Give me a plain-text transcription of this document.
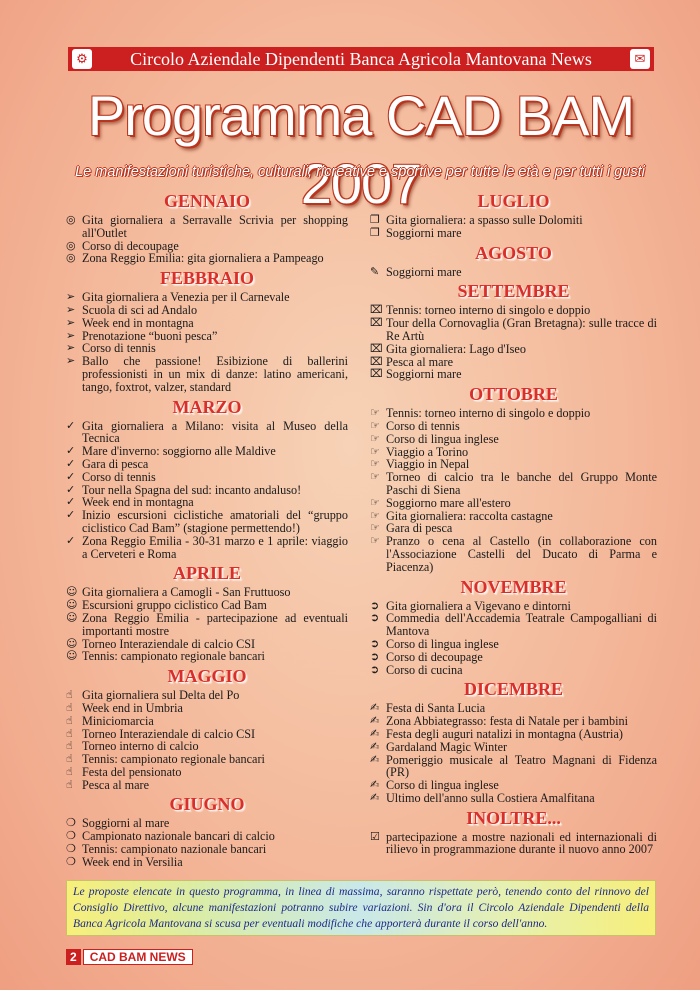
⚙ Circolo Aziendale Dipendenti Banca Agricola Mantovana News	✉
Programma CAD BAM 2007
Le manifestazioni turistiche, culturali, ricreative e sportive per tutte le età e per tutti i gusti
GENNAIO
◎ Gita giornaliera a Serravalle Scrivia per shopping all'Outlet
◎ Corso di decoupage
◎ Zona Reggio Emilia: gita giornaliera a Pampeago
FEBBRAIO
➢ Gita giornaliera a Venezia per il Carnevale
➢ Scuola di sci ad Andalo
➢ Week end in montagna
➢ Prenotazione “buoni pesca”
➢ Corso di tennis
➢ Ballo che passione! Esibizione di ballerini professionisti in un mix di danze: latino americani, tango, foxtrot, valzer, standard
MARZO
✓ Gita giornaliera a Milano: visita al Museo della Tecnica
✓ Mare d'inverno: soggiorno alle Maldive
✓ Gara di pesca
✓ Corso di tennis
✓ Tour nella Spagna del sud: incanto andaluso!
✓ Week end in montagna
✓ Inizio escursioni ciclistiche amatoriali del “gruppo ciclistico Cad Bam” (stagione permettendo!)
✓ Zona Reggio Emilia - 30-31 marzo e 1 aprile: viaggio a Cerveteri e Roma
APRILE
☺ Gita giornaliera a Camogli - San Fruttuoso
☺ Escursioni gruppo ciclistico Cad Bam
☺ Zona Reggio Emilia - partecipazione ad eventuali importanti mostre
☺ Torneo Interaziendale di calcio CSI
☺ Tennis: campionato regionale bancari
MAGGIO
☝ Gita giornaliera sul Delta del Po
☝ Week end in Umbria
☝ Miniciomarcia
☝ Torneo Interaziendale di calcio CSI
☝ Torneo interno di calcio
☝ Tennis: campionato regionale bancari
☝ Festa del pensionato
☝ Pesca al mare
GIUGNO
❍ Soggiorni al mare
❍ Campionato nazionale bancari di calcio
❍ Tennis: campionato nazionale bancari
❍ Week end in Versilia
LUGLIO
❐ Gita giornaliera: a spasso sulle Dolomiti
❐ Soggiorni mare
AGOSTO
✎ Soggiorni mare
SETTEMBRE
⌧ Tennis: torneo interno di singolo e doppio
⌧ Tour della Cornovaglia (Gran Bretagna): sulle tracce di Re Artù
⌧ Gita giornaliera: Lago d'Iseo
⌧ Pesca al mare
⌧ Soggiorni mare
OTTOBRE
☞ Tennis: torneo interno di singolo e doppio
☞ Corso di tennis
☞ Corso di lingua inglese
☞ Viaggio a Torino
☞ Viaggio in Nepal
☞ Torneo di calcio tra le banche del Gruppo Monte Paschi di Siena
☞ Soggiorno mare all'estero
☞ Gita giornaliera: raccolta castagne
☞ Gara di pesca
☞ Pranzo o cena al Castello (in collaborazione con l'Associazione Castelli del Ducato di Parma e Piacenza)
NOVEMBRE
➲ Gita giornaliera a Vigevano e dintorni
➲ Commedia dell'Accademia Teatrale Campogalliani di Mantova
➲ Corso di lingua inglese
➲ Corso di decoupage
➲ Corso di cucina
DICEMBRE
✍ Festa di Santa Lucia
✍ Zona Abbiategrasso: festa di Natale per i bambini
✍ Festa degli auguri natalizi in montagna (Austria)
✍ Gardaland Magic Winter
✍ Pomeriggio musicale al Teatro Magnani di Fidenza (PR)
✍ Corso di lingua inglese
✍ Ultimo dell'anno sulla Costiera Amalfitana
INOLTRE...
☑ partecipazione a mostre nazionali ed internazionali di rilievo in programmazione durante il nuovo anno 2007
Le proposte elencate in questo programma, in linea di massima, saranno rispettate però, tenendo conto del rinnovo del Consiglio Direttivo, alcune manifestazioni potranno subire variazioni. Sin d'ora il Circolo Aziendale Dipendenti della Banca Agricola Mantovana si scusa per eventuali modifiche che apporterà durante il corso dell'anno.
2 CAD BAM NEWS
